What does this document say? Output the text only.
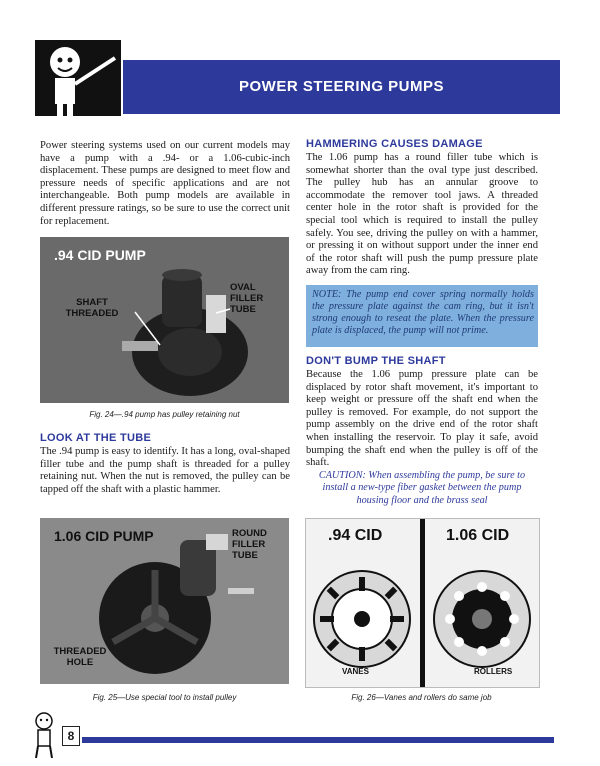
POWER STEERING PUMPS
Power steering systems used on our current models may have a pump with a .94- or a 1.06-cubic-inch displacement. These pumps are designed to meet flow and pressure needs of specific applications and are not interchangeable. Both pump models are available in different pressure ratings, so be sure to use the correct unit for replacement.
.94 CID PUMP
SHAFT THREADED
OVAL FILLER TUBE
Fig. 24—.94 pump has pulley retaining nut
LOOK AT THE TUBE
The .94 pump is easy to identify. It has a long, oval-shaped filler tube and the pump shaft is threaded for a pulley retaining nut. When the nut is removed, the pulley can be tapped off the shaft with a plastic hammer.
1.06 CID PUMP	ROUND FILLER TUBE
THREADED HOLE
Fig. 25—Use special tool to install pulley
HAMMERING CAUSES DAMAGE
The 1.06 pump has a round filler tube which is somewhat shorter than the oval type just described. The pulley hub has an annular groove to accommodate the remover tool jaws. A threaded center hole in the rotor shaft is provided for the special tool which is required to install the pulley safely. You see, driving the pulley on with a hammer, or pressing it on without support under the inner end of the rotor shaft will push the pump pressure plate away from the cam ring.
NOTE: The pump end cover spring normally holds the pressure plate against the cam ring, but it isn't strong enough to reseat the plate. When the pressure plate is displaced, the pump will not prime.
DON'T BUMP THE SHAFT
Because the 1.06 pump pressure plate can be displaced by rotor shaft movement, it's important to keep weight or pressure off the shaft end when the pulley is removed. For example, do not support the pump assembly on the drive end of the rotor shaft when installing the reservoir. To play it safe, avoid bumping the shaft end when the pulley is off of the shaft.
CAUTION: When assembling the pump, be sure to install a new-type fiber gasket between the pump housing floor and the brass seal
.94 CID	1.06 CID
VANES	ROLLERS
Fig. 26—Vanes and rollers do same job
8
